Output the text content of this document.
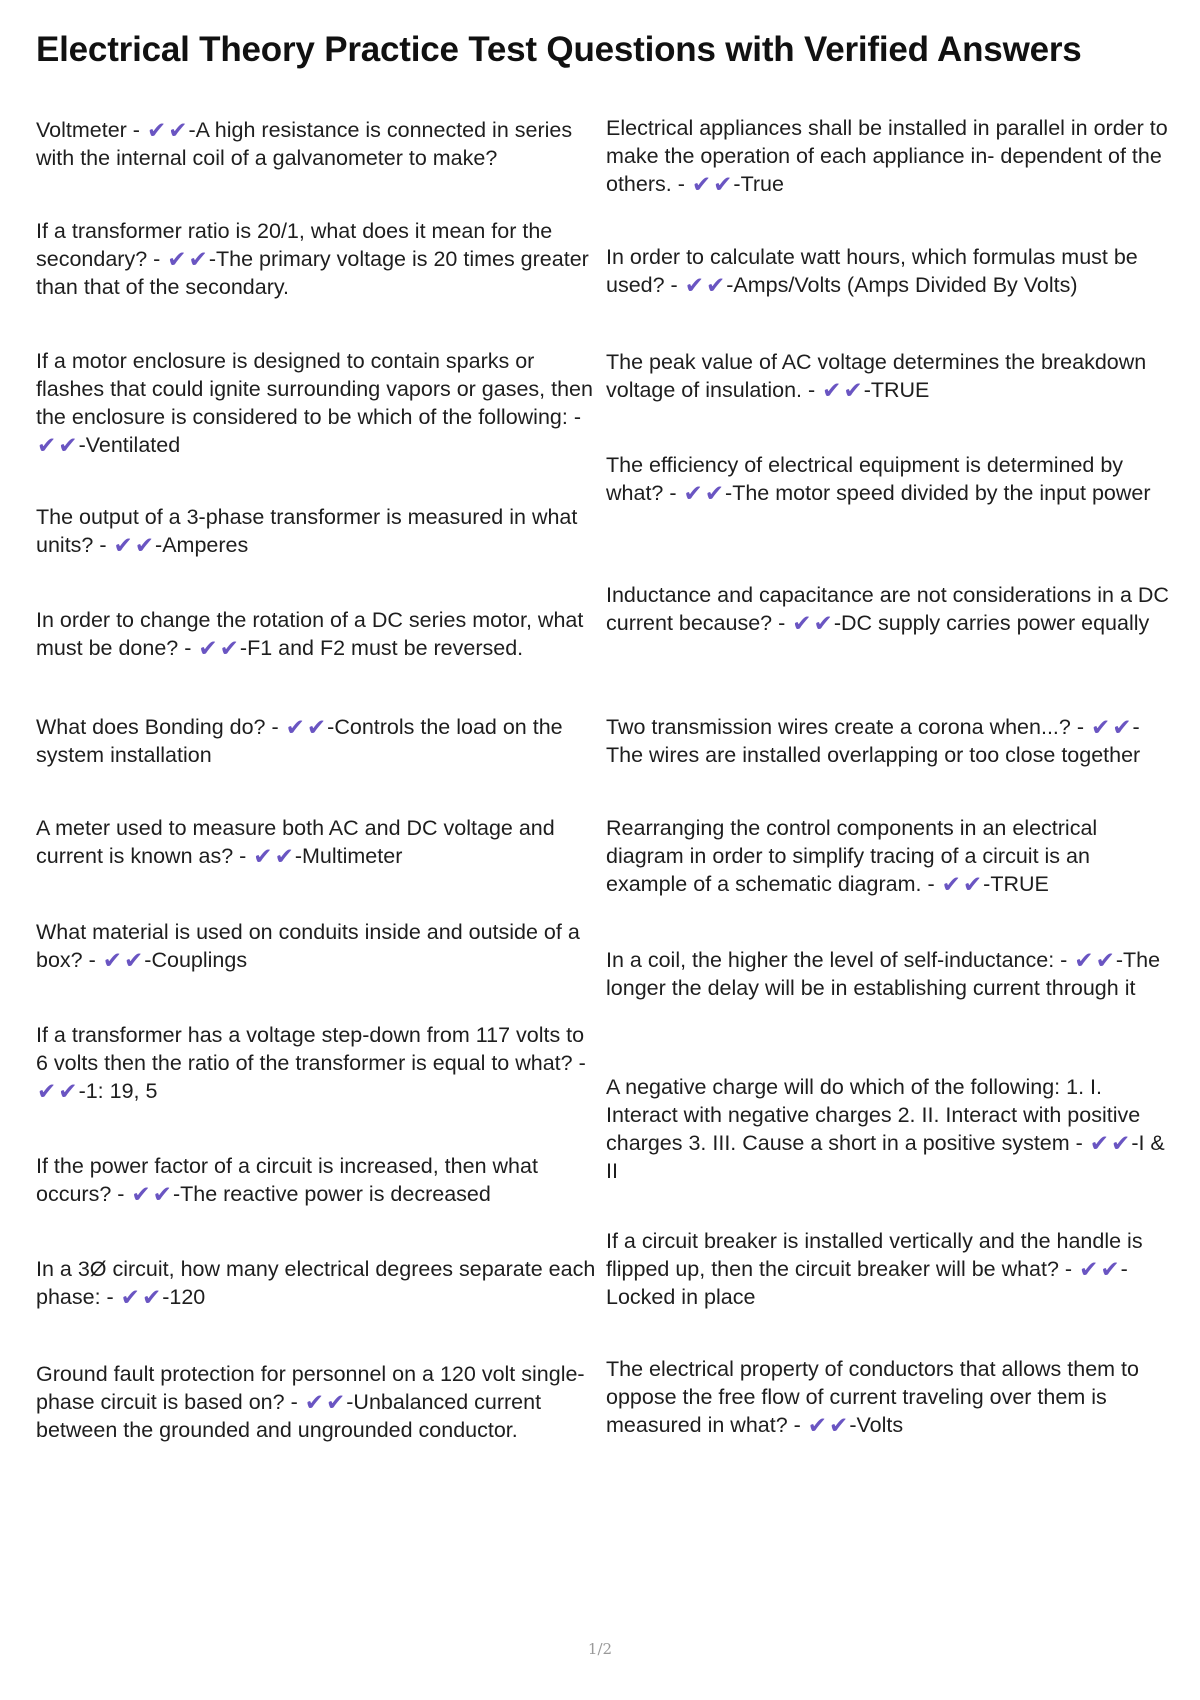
Electrical Theory Practice Test Questions with Verified Answers

Voltmeter - ✔✔-A high resistance is connected in series with the internal coil of a galvanometer to make?

If a transformer ratio is 20/1, what does it mean for the secondary? - ✔✔-The primary voltage is 20 times greater than that of the secondary.

If a motor enclosure is designed to contain sparks or flashes that could ignite surrounding vapors or gases, then the enclosure is considered to be which of the following: - ✔✔-Ventilated

The output of a 3-phase transformer is measured in what units? - ✔✔-Amperes

In order to change the rotation of a DC series motor, what must be done? - ✔✔-F1 and F2 must be reversed.

What does Bonding do? - ✔✔-Controls the load on the system installation

A meter used to measure both AC and DC voltage and current is known as? - ✔✔-Multimeter

What material is used on conduits inside and outside of a box? - ✔✔-Couplings

If a transformer has a voltage step-down from 117 volts to 6 volts then the ratio of the transformer is equal to what? - ✔✔-1: 19, 5

If the power factor of a circuit is increased, then what occurs? - ✔✔-The reactive power is decreased

In a 3Ø circuit, how many electrical degrees separate each phase: - ✔✔-120

Ground fault protection for personnel on a 120 volt single-phase circuit is based on? - ✔✔-Unbalanced current between the grounded and ungrounded conductor.

Electrical appliances shall be installed in parallel in order to make the operation of each appliance in- dependent of the others. - ✔✔-True

In order to calculate watt hours, which formulas must be used? - ✔✔-Amps/Volts (Amps Divided By Volts)

The peak value of AC voltage determines the breakdown voltage of insulation. - ✔✔-TRUE

The efficiency of electrical equipment is determined by what? - ✔✔-The motor speed divided by the input power

Inductance and capacitance are not considerations in a DC current because? - ✔✔-DC supply carries power equally

Two transmission wires create a corona when...? - ✔✔-The wires are installed overlapping or too close together

Rearranging the control components in an electrical diagram in order to simplify tracing of a circuit is an example of a schematic diagram. - ✔✔-TRUE

In a coil, the higher the level of self-inductance: - ✔✔-The longer the delay will be in establishing current through it

A negative charge will do which of the following: 1. I. Interact with negative charges 2. II. Interact with positive charges 3. III. Cause a short in a positive system - ✔✔-I & II

If a circuit breaker is installed vertically and the handle is flipped up, then the circuit breaker will be what? - ✔✔-Locked in place

The electrical property of conductors that allows them to oppose the free flow of current traveling over them is measured in what? - ✔✔-Volts

1/2
